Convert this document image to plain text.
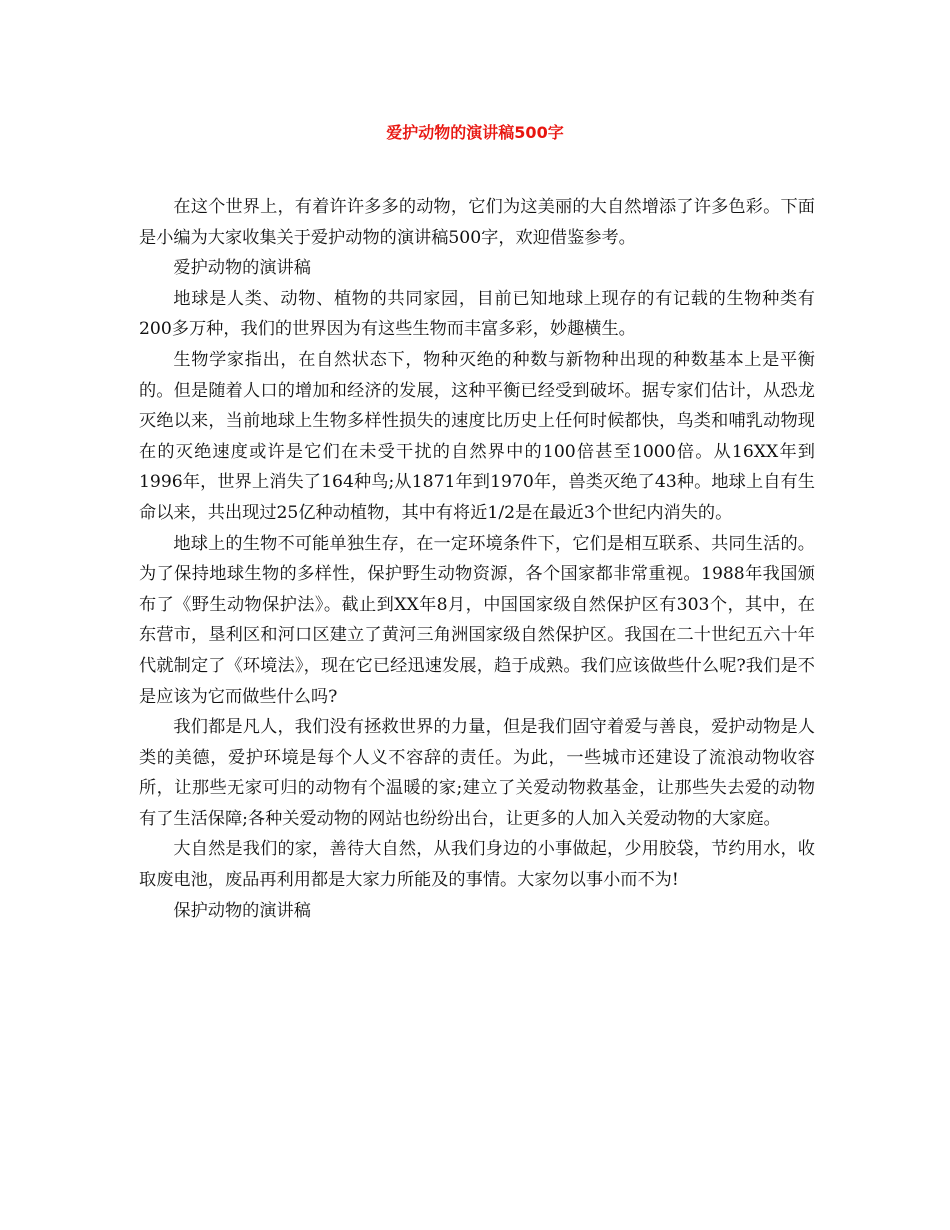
爱护动物的演讲稿500字

在这个世界上，有着许许多多的动物，它们为这美丽的大自然增添了许多色彩。下面是小编为大家收集关于爱护动物的演讲稿500字，欢迎借鉴参考。

爱护动物的演讲稿

地球是人类、动物、植物的共同家园，目前已知地球上现存的有记载的生物种类有200多万种，我们的世界因为有这些生物而丰富多彩，妙趣横生。

生物学家指出，在自然状态下，物种灭绝的种数与新物种出现的种数基本上是平衡的。但是随着人口的增加和经济的发展，这种平衡已经受到破坏。据专家们估计，从恐龙灭绝以来，当前地球上生物多样性损失的速度比历史上任何时候都快，鸟类和哺乳动物现在的灭绝速度或许是它们在未受干扰的自然界中的100倍甚至1000倍。从16XX年到1996年，世界上消失了164种鸟;从1871年到1970年，兽类灭绝了43种。地球上自有生命以来，共出现过25亿种动植物，其中有将近1/2是在最近3个世纪内消失的。

地球上的生物不可能单独生存，在一定环境条件下，它们是相互联系、共同生活的。 为了保持地球生物的多样性，保护野生动物资源，各个国家都非常重视。1988年我国颁布了《野生动物保护法》。截止到XX年8月，中国国家级自然保护区有303个，其中，在东营市，垦利区和河口区建立了黄河三角洲国家级自然保护区。我国在二十世纪五六十年代就制定了《环境法》，现在它已经迅速发展，趋于成熟。我们应该做些什么呢?我们是不是应该为它而做些什么吗?

我们都是凡人，我们没有拯救世界的力量，但是我们固守着爱与善良，爱护动物是人类的美德，爱护环境是每个人义不容辞的责任。为此，一些城市还建设了流浪动物收容所，让那些无家可归的动物有个温暖的家;建立了关爱动物救基金，让那些失去爱的动物有了生活保障;各种关爱动物的网站也纷纷出台，让更多的人加入关爱动物的大家庭。

大自然是我们的家，善待大自然，从我们身边的小事做起，少用胶袋，节约用水，收取废电池，废品再利用都是大家力所能及的事情。大家勿以事小而不为!

保护动物的演讲稿
